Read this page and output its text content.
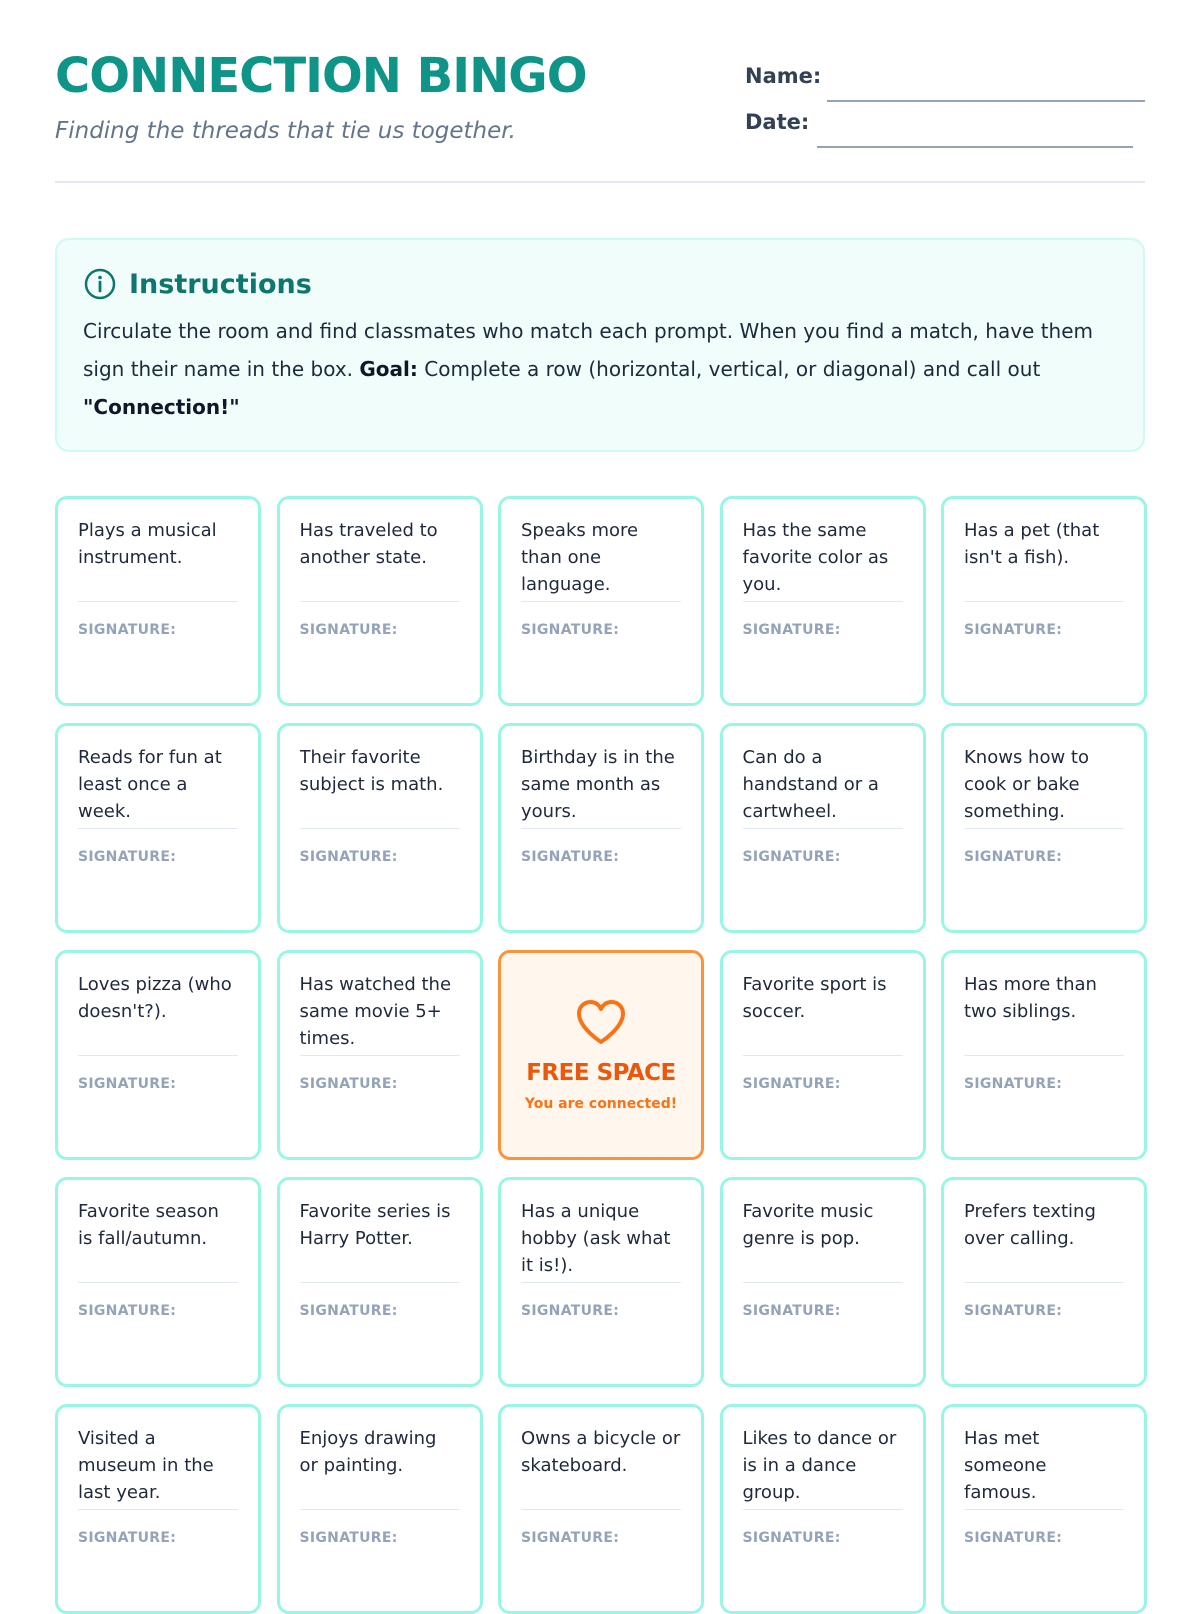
CONNECTION BINGO

Finding the threads that tie us together.

Name:
Date:
Instructions

Circulate the room and find classmates who match each prompt. When you find a match, have them sign their name in the box. Goal: Complete a row (horizontal, vertical, or diagonal) and call out "Connection!"

Plays a musical instrument.
SIGNATURE:
Has traveled to another state.
SIGNATURE:
Speaks more than one language.
SIGNATURE:
Has the same favorite color as you.
SIGNATURE:
Has a pet (that isn't a fish).
SIGNATURE:
Reads for fun at least once a week.
SIGNATURE:
Their favorite subject is math.
SIGNATURE:
Birthday is in the same month as yours.
SIGNATURE:
Can do a handstand or a cartwheel.
SIGNATURE:
Knows how to cook or bake something.
SIGNATURE:
Loves pizza (who doesn't?).
SIGNATURE:
Has watched the same movie 5+ times.
SIGNATURE:	FREE SPACE
You are connected!
Favorite sport is soccer.
SIGNATURE:
Has more than two siblings.
SIGNATURE:
Favorite season is fall/autumn.
SIGNATURE:
Favorite series is Harry Potter.
SIGNATURE:
Has a unique hobby (ask what it is!).
SIGNATURE:
Favorite music genre is pop.
SIGNATURE:
Prefers texting over calling.
SIGNATURE:
Visited a museum in the last year.
SIGNATURE:
Enjoys drawing or painting.
SIGNATURE:
Owns a bicycle or skateboard.
SIGNATURE:
Likes to dance or is in a dance group.
SIGNATURE:
Has met someone famous.
SIGNATURE:
